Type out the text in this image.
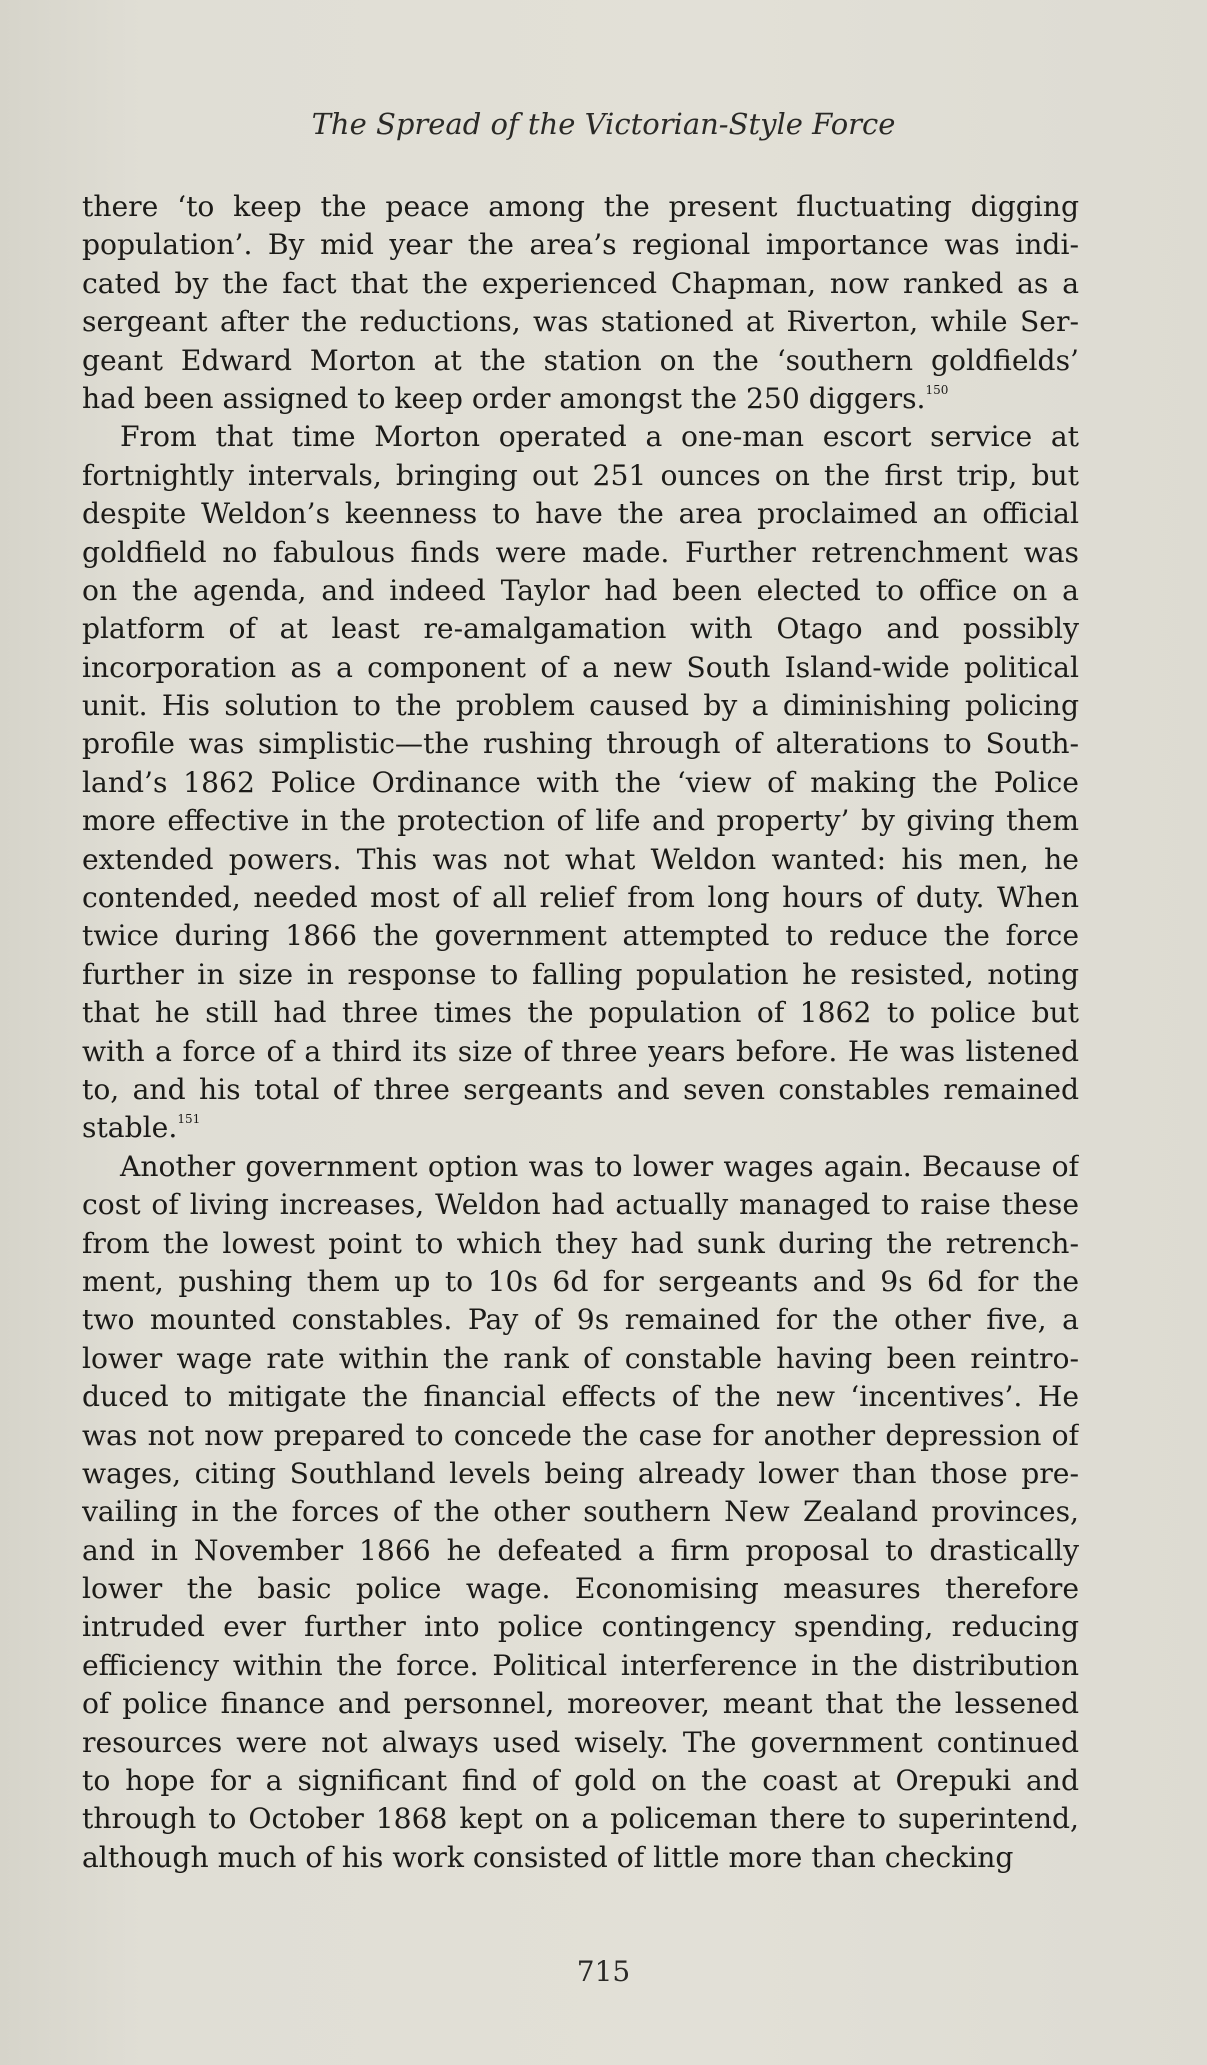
The Spread of the Victorian-Style Force
there ‘to keep the peace among the present fluctuating digging
population’. By mid year the area’s regional importance was indi-
cated by the fact that the experienced Chapman, now ranked as a
sergeant after the reductions, was stationed at Riverton, while Ser-
geant Edward Morton at the station on the ‘southern goldfields’
had been assigned to keep order amongst the 250 diggers.$^{150}$
From that time Morton operated a one-man escort service at
fortnightly intervals, bringing out 251 ounces on the first trip, but
despite Weldon’s keenness to have the area proclaimed an official
goldfield no fabulous finds were made. Further retrenchment was
on the agenda, and indeed Taylor had been elected to office on a
platform of at least re-amalgamation with Otago and possibly
incorporation as a component of a new South Island-wide political
unit. His solution to the problem caused by a diminishing policing
profile was simplistic—the rushing through of alterations to South-
land’s 1862 Police Ordinance with the ‘view of making the Police
more effective in the protection of life and property’ by giving them
extended powers. This was not what Weldon wanted: his men, he
contended, needed most of all relief from long hours of duty. When
twice during 1866 the government attempted to reduce the force
further in size in response to falling population he resisted, noting
that he still had three times the population of 1862 to police but
with a force of a third its size of three years before. He was listened
to, and his total of three sergeants and seven constables remained
stable.$^{151}$
Another government option was to lower wages again. Because of
cost of living increases, Weldon had actually managed to raise these
from the lowest point to which they had sunk during the retrench-
ment, pushing them up to 10s 6d for sergeants and 9s 6d for the
two mounted constables. Pay of 9s remained for the other five, a
lower wage rate within the rank of constable having been reintro-
duced to mitigate the financial effects of the new ‘incentives’. He
was not now prepared to concede the case for another depression of
wages, citing Southland levels being already lower than those pre-
vailing in the forces of the other southern New Zealand provinces,
and in November 1866 he defeated a firm proposal to drastically
lower the basic police wage. Economising measures therefore
intruded ever further into police contingency spending, reducing
efficiency within the force. Political interference in the distribution
of police finance and personnel, moreover, meant that the lessened
resources were not always used wisely. The government continued
to hope for a significant find of gold on the coast at Orepuki and
through to October 1868 kept on a policeman there to superintend,
although much of his work consisted of little more than checking
715
